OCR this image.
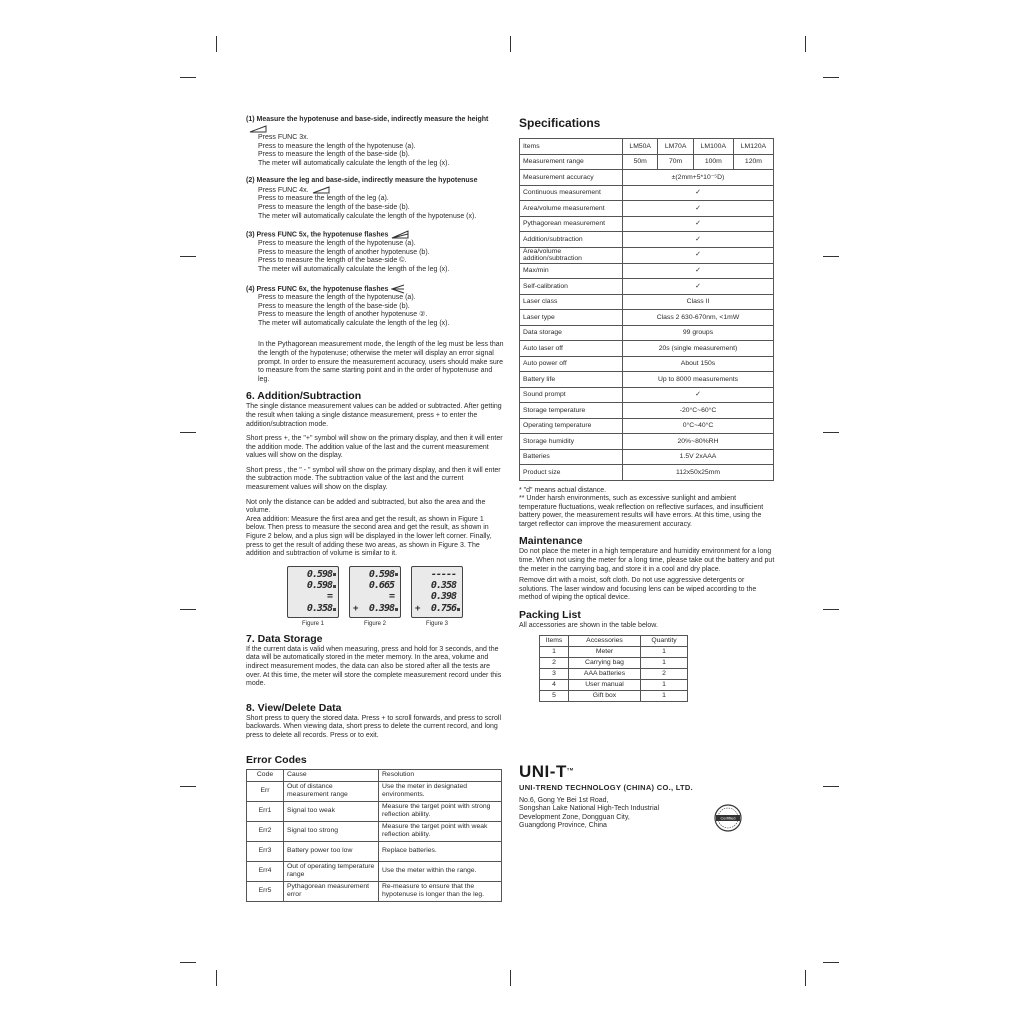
(1) Measure the hypotenuse and base-side, indirectly measure the height

Press FUNC 3x.

Press to measure the length of the hypotenuse (a).

Press to measure the length of the base-side (b).

The meter will automatically calculate the length of the leg (x).

(2) Measure the leg and base-side, indirectly measure the hypotenuse

Press FUNC 4x.

Press to measure the length of the leg (a).

Press to measure the length of the base-side (b).

The meter will automatically calculate the length of the hypotenuse (x).

(3) Press FUNC 5x, the hypotenuse flashes

Press to measure the length of the hypotenuse (a).

Press to measure the length of another hypotenuse (b).

Press to measure the length of the base-side ©.

The meter will automatically calculate the length of the leg (x).

(4) Press FUNC 6x, the hypotenuse flashes

Press to measure the length of the hypotenuse (a).

Press to measure the length of the base-side (b).

Press to measure the length of another hypotenuse ②.

The meter will automatically calculate the length of the leg (x).

In the Pythagorean measurement mode, the length of the leg must be less than the length of the hypotenuse; otherwise the meter will display an error signal prompt. In order to ensure the measurement accuracy, users should make sure to measure from the same starting point and in the order of hypotenuse and leg.

6. Addition/Subtraction

The single distance measurement values can be added or subtracted. After getting the result when taking a single distance measurement, press + to enter the addition/subtraction mode.

Short press +, the "+" symbol will show on the primary display, and then it will enter the addition mode. The addition value of the last and the current measurement values will show on the display.

Short press , the " - " symbol will show on the primary display, and then it will enter the subtraction mode. The subtraction value of the last and the current measurement values will show on the display.

Not only the distance can be added and subtracted, but also the area and the volume.

Area addition: Measure the first area and get the result, as shown in Figure 1 below. Then press to measure the second area and get the result, as shown in Figure 2 below, and a plus sign will be displayed in the lower left corner. Finally, press to get the result of adding these two areas, as shown in Figure 3. The addition and subtraction of volume is similar to it.

0.598
0.598
=
0.358
Figure 1
0.598
0.665
=
0.398
+
Figure 2
-----
0.358
0.398
0.756
+
Figure 3
7. Data Storage

If the current data is valid when measuring, press and hold for 3 seconds, and the data will be automatically stored in the meter memory. In the area, volume and indirect measurement modes, the data can also be stored after all the tests are over. At this time, the meter will store the complete measurement record under this mode.

8. View/Delete Data

Short press to query the stored data. Press + to scroll forwards, and press to scroll backwards. When viewing data, short press to delete the current record, and long press to delete all records. Press or to exit.

Error Codes
Code	Cause	Resolution
Err	Out of distance measurement range	Use the meter in designated environments.
Err1	Signal too weak	Measure the target point with strong reflection ability.
Err2	Signal too strong	Measure the target point with weak reflection ability.
Err3	Battery power too low	Replace batteries.
Err4	Out of operating temperature range	Use the meter within the range.
Err5	Pythagorean measurement error	Re-measure to ensure that the hypotenuse is longer than the leg.
Specifications
Items	LM50A	LM70A	LM100A	LM120A
Measurement range	50m	70m	100m	120m
Measurement accuracy	±(2mm+5*10⁻⁵D)			
Continuous measurement	✓			
Area/volume measurement	✓			
Pythagorean measurement	✓			
Addition/subtraction	✓			
Area/volume addition/subtraction	✓			
Max/min	✓			
Self-calibration	✓			
Laser class	Class II			
Laser type	Class 2 630-670nm, <1mW			
Data storage	99 groups			
Auto laser off	20s (single measurement)			
Auto power off	About 150s			
Battery life	Up to 8000 measurements			
Sound prompt	✓			
Storage temperature	-20°C~60°C			
Operating temperature	0°C~40°C			
Storage humidity	20%~80%RH			
Batteries	1.5V 2xAAA			
Product size	112x50x25mm			

* "d" means actual distance.

** Under harsh environments, such as excessive sunlight and ambient temperature fluctuations, weak reflection on reflective surfaces, and insufficient battery power, the measurement results will have errors. At this time, using the target reflector can improve the measurement accuracy.

Maintenance

Do not place the meter in a high temperature and humidity environment for a long time. When not using the meter for a long time, please take out the battery and put the meter in the carrying bag, and store it in a cool and dry place.

Remove dirt with a moist, soft cloth. Do not use aggressive detergents or solutions. The laser window and focusing lens can be wiped according to the method of wiping the optical device.

Packing List

All accessories are shown in the table below.

Items	Accessories	Quantity
1	Meter	1
2	Carrying bag	1
3	AAA batteries	2
4	User manual	1
5	Gift box	1
UNI-T™
UNI-TREND TECHNOLOGY (CHINA) CO., LTD.
No.6, Gong Ye Bei 1st Road,
Songshan Lake National High-Tech Industrial
Development Zone, Dongguan City,
Guangdong Province, China
Certified
